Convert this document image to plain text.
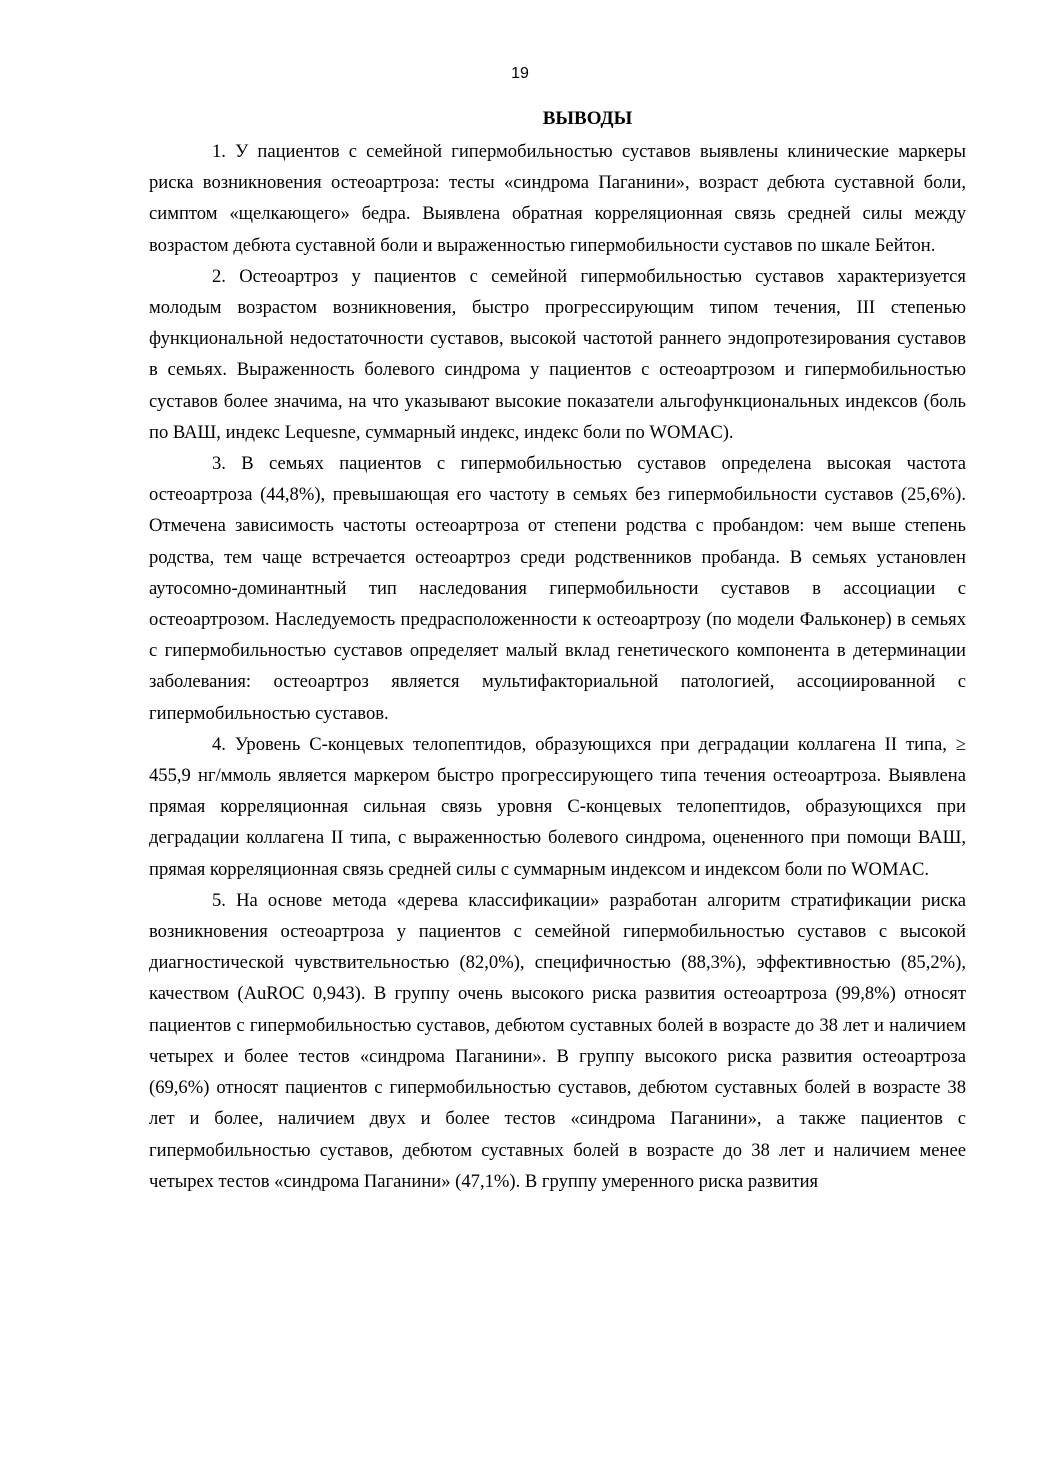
19
ВЫВОДЫ

1. У пациентов с семейной гипермобильностью суставов выявлены клинические маркеры риска возникновения остеоартроза: тесты «синдрома Паганини», возраст дебюта суставной боли, симптом «щелкающего» бедра. Выявлена обратная корреляционная связь средней силы между возрастом дебюта суставной боли и выраженностью гипермобильности суставов по шкале Бейтон.

2. Остеоартроз у пациентов с семейной гипермобильностью суставов характеризуется молодым возрастом возникновения, быстро прогрессирующим типом течения, III степенью функциональной недостаточности суставов, высокой частотой раннего эндопротезирования суставов в семьях. Выраженность болевого синдрома у пациентов с остеоартрозом и гипермобильностью суставов более значима, на что указывают высокие показатели альгофункциональных индексов (боль по ВАШ, индекс Lequesne, суммарный индекс, индекс боли по WOMAC).

3. В семьях пациентов с гипермобильностью суставов определена высокая частота остеоартроза (44,8%), превышающая его частоту в семьях без гипермобильности суставов (25,6%). Отмечена зависимость частоты остеоартроза от степени родства с пробандом: чем выше степень родства, тем чаще встречается остеоартроз среди родственников пробанда. В семьях установлен аутосомно-доминантный тип наследования гипермобильности суставов в ассоциации с остеоартрозом. Наследуемость предрасположенности к остеоартрозу (по модели Фальконер) в семьях с гипермобильностью суставов определяет малый вклад генетического компонента в детерминации заболевания: остеоартроз является мультифакториальной патологией, ассоциированной с гипермобильностью суставов.

4. Уровень С-концевых телопептидов, образующихся при деградации коллагена II типа, ≥ 455,9 нг/ммоль является маркером быстро прогрессирующего типа течения остеоартроза. Выявлена прямая корреляционная сильная связь уровня С-концевых телопептидов, образующихся при деградации коллагена II типа, с выраженностью болевого синдрома, оцененного при помощи ВАШ, прямая корреляционная связь средней силы с суммарным индексом и индексом боли по WOMAC.

5. На основе метода «дерева классификации» разработан алгоритм стратификации риска возникновения остеоартроза у пациентов с семейной гипермобильностью суставов с высокой диагностической чувствительностью (82,0%), специфичностью (88,3%), эффективностью (85,2%), качеством (AuROC 0,943). В группу очень высокого риска развития остеоартроза (99,8%) относят пациентов с гипермобильностью суставов, дебютом суставных болей в возрасте до 38 лет и наличием четырех и более тестов «синдрома Паганини». В группу высокого риска развития остеоартроза (69,6%) относят пациентов с гипермобильностью суставов, дебютом суставных болей в возрасте 38 лет и более, наличием двух и более тестов «синдрома Паганини», а также пациентов с гипермобильностью суставов, дебютом суставных болей в возрасте до 38 лет и наличием менее четырех тестов «синдрома Паганини» (47,1%). В группу умеренного риска развития
